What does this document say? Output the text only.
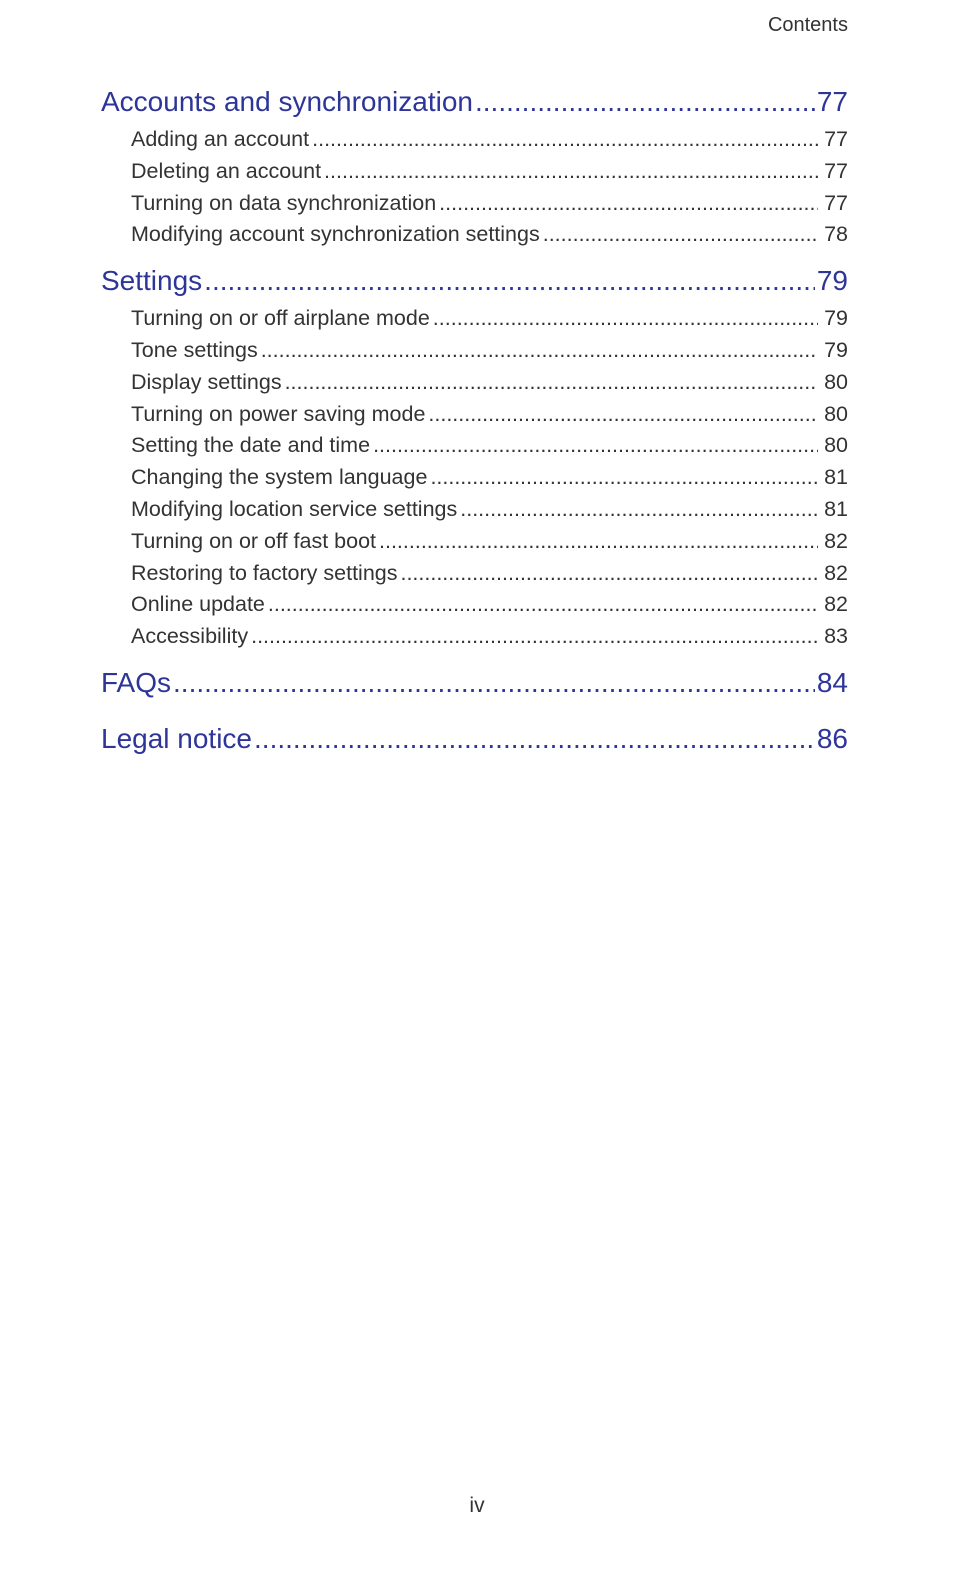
Contents
Accounts and synchronization .....	77
Adding an account .....	77
Deleting an account .....	77
Turning on data synchronization .....	77
Modifying account synchronization settings .....	78
Settings .....	79
Turning on or off airplane mode .....	79
Tone settings .....	79
Display settings .....	80
Turning on power saving mode .....	80
Setting the date and time .....	80
Changing the system language .....	81
Modifying location service settings .....	81
Turning on or off fast boot .....	82
Restoring to factory settings .....	82
Online update .....	82
Accessibility .....	83
FAQs .....	84
Legal notice .....	86
iv
